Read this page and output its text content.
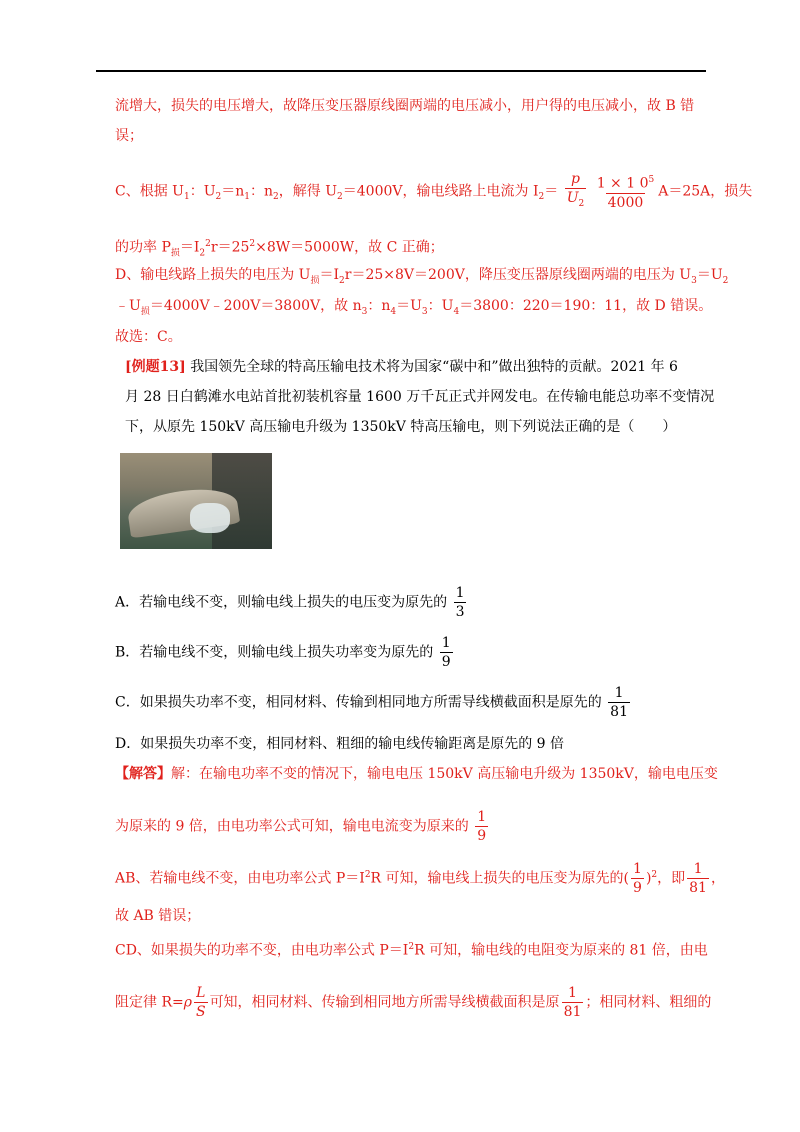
流增大，损失的电压增大，故降压变压器原线圈两端的电压减小，用户得的电压减小，故 B 错
误；
C、根据 $U_1$：$U_2=n_1$：$n_2$，解得 $U_2=4000V$，输电线路上电流为 $I_2= \frac{p}{U_2}$
$\frac{1 \times 1 0^5}{4000} A=25A$，损失
的功率 $P_损=I_2^2r=25^2\times 8W=5000W$，故 C 正确；
D、输电线路上损失的电压为 $U_损=I_2r=25\times 8V=200V$，降压变压器原线圈两端的电压为 $U_3=U_2$
$﹣U_损=4000V﹣200V=3800V$，故 $n_3$：$n_4=U_3$：$U_4=3800$：220＝190：11，故 D 错误。
故选：C。
[例题13] 我国领先全球的特高压输电技术将为国家“碳中和”做出独特的贡献。2021 年 6
月 28 日白鹤滩水电站首批初装机容量 1600 万千瓦正式并网发电。在传输电能总功率不变情况
下，从原先 150kV 高压输电升级为 1350kV 特高压输电，则下列说法正确的是（　　）
A．若输电线不变，则输电线上损失的电压变为原先的 $\frac{1}{3}$
B．若输电线不变，则输电线上损失功率变为原先的 $\frac{1}{9}$
C．如果损失功率不变，相同材料、传输到相同地方所需导线横截面积是原先的 $\frac{1}{81}$
D．如果损失功率不变，相同材料、粗细的输电线传输距离是原先的 9 倍
【解答】解：在输电功率不变的情况下，输电电压 150kV 高压输电升级为 1350kV，输电电压变
为原来的 9 倍，由电功率公式可知，输电电流变为原来的 $\frac{1}{9}$
AB、若输电线不变，由电功率公式 $P=I^2R$ 可知，输电线上损失的电压变为原先的( $\frac{1}{9} )^2$，即 $\frac{1}{81}$ ，
故 AB 错误；
CD、如果损失的功率不变，由电功率公式 $P=I^2R$ 可知，输电线的电阻变为原来的 81 倍，由电
阻定律 $R=\rho \frac{L}{S}$ 可知，相同材料、传输到相同地方所需导线横截面积是原 $\frac{1}{81}$ ；相同材料、粗细的
